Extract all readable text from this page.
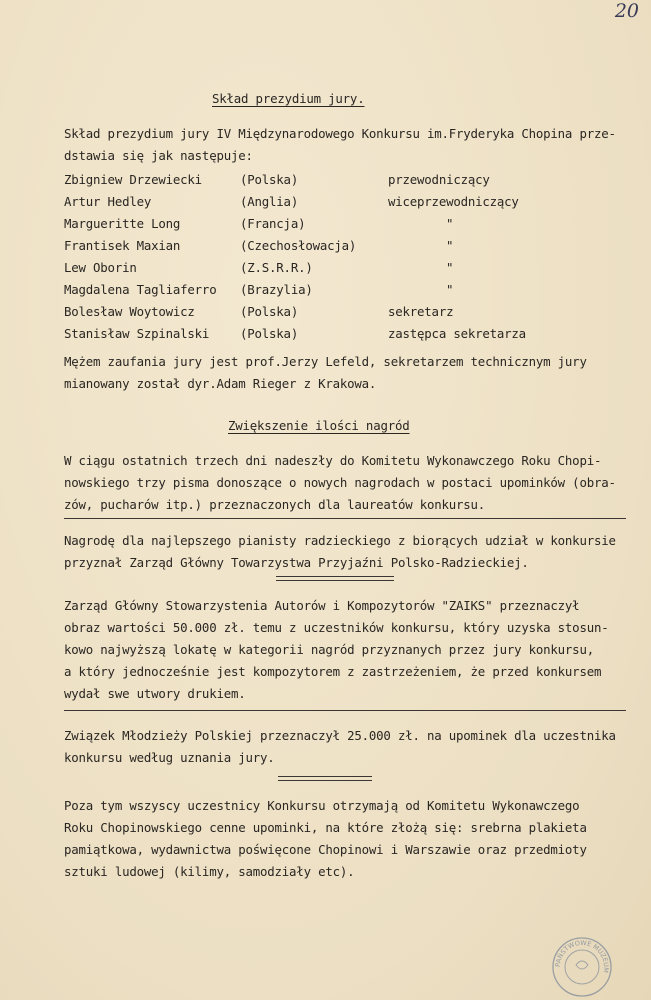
20
Skład prezydium jury.
Skład prezydium jury IV Międzynarodowego Konkursu im.Fryderyka Chopina prze-
dstawia się jak następuje:
Zbigniew Drzewiecki	(Polska)	przewodniczący
Artur Hedley	(Anglia)	wiceprzewodniczący
Margueritte Long	(Francja)	"
Frantisek Maxian	(Czechosłowacja)	"
Lew Oborin	(Z.S.R.R.)	"
Magdalena Tagliaferro (Brazylia)	"
Bolesław Woytowicz	(Polska)	sekretarz
Stanisław Szpinalski (Polska)	zastępca sekretarza
Mężem zaufania jury jest prof.Jerzy Lefeld, sekretarzem technicznym jury
mianowany został dyr.Adam Rieger z Krakowa.
Zwiększenie ilości nagród
W ciągu ostatnich trzech dni nadeszły do Komitetu Wykonawczego Roku Chopi-
nowskiego trzy pisma donoszące o nowych nagrodach w postaci upominków (obra-
zów, pucharów itp.) przeznaczonych dla laureatów konkursu.
Nagrodę dla najlepszego pianisty radzieckiego z biorących udział w konkursie
przyznał Zarząd Główny Towarzystwa Przyjaźni Polsko-Radzieckiej.
Zarząd Główny Stowarzystenia Autorów i Kompozytorów "ZAIKS" przeznaczył
obraz wartości 50.000 zł. temu z uczestników konkursu, który uzyska stosun-
kowo najwyższą lokatę w kategorii nagród przyznanych przez jury konkursu,
a który jednocześnie jest kompozytorem z zastrzeżeniem, że przed konkursem
wydał swe utwory drukiem.
Związek Młodzieży Polskiej przeznaczył 25.000 zł. na upominek dla uczestnika
konkursu według uznania jury.
Poza tym wszyscy uczestnicy Konkursu otrzymają od Komitetu Wykonawczego
Roku Chopinowskiego cenne upominki, na które złożą się: srebrna plakieta
pamiątkowa, wydawnictwa poświęcone Chopinowi i Warszawie oraz przedmioty
sztuki ludowej (kilimy, samodziały etc).
PAŃSTWOWE MUZEUM
